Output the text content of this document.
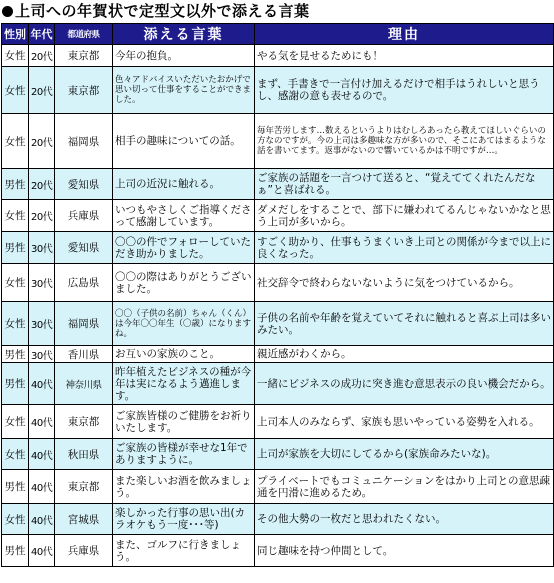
上司への年賀状で定型文以外で添える言葉
性別	年代	都道府県	添える言葉	理由
女性	20代	東京都	今年の抱負。	やる気を見せるためにも！
女性	20代	東京都	色々アドバイスいただいたおかげで思い切って仕事をすることができました。	まず、手書きで一言付け加えるだけで相手はうれしいと思うし、感謝の意も表せるので。
女性	20代	福岡県	相手の趣味についての話。	毎年苦労します…数えるというよりはむしろあったら教えてほしいぐらいの方なのですが。今の上司は多趣味な方が多いので、そこにあてはまるような話を書いてます。返事がないので響いているかは不明ですが…。
男性	20代	愛知県	上司の近況に触れる。	ご家族の話題を一言つけて送ると、“覚えててくれたんだなぁ”と喜ばれる。
女性	20代	兵庫県	いつもやさしくご指導くださって感謝しています。	ダメだしをすることで、部下に嫌われてるんじゃないかなと思う上司が多いから。
男性	30代	愛知県	〇〇の件でフォローしていただき助かりました。	すごく助かり、仕事もうまくいき上司との関係が今まで以上に良くなった。
女性	30代	広島県	〇〇の際はありがとうございました。	社交辞令で終わらないないように気をつけているから。
女性	30代	福岡県	〇〇（子供の名前）ちゃん（くん）は今年〇〇年生（〇歳）になりますね。	子供の名前や年齢を覚えていてそれに触れると喜ぶ上司は多いみたい。
男性	30代	香川県	お互いの家族のこと。	親近感がわくから。
男性	40代	神奈川県	昨年植えたビジネスの種が今年は実になるよう邁進します。	一緒にビジネスの成功に突き進む意思表示の良い機会だから。
女性	40代	東京都	ご家族皆様のご健勝をお祈りいたします。	上司本人のみならず、家族も思いやっている姿勢を入れる。
女性	40代	秋田県	ご家族の皆様が幸せな1年でありますように。	上司が家族を大切にしてるから(家族命みたいな)。
男性	40代	東京都	また楽しいお酒を飲みましょう。	プライベートでもコミュニケーションをはかり上司との意思疎通を円滑に進めるため。
女性	40代	宮城県	楽しかった行事の思い出(カラオケもう一度･･･等)	その他大勢の一枚だと思われたくない。
男性	40代	兵庫県	また、ゴルフに行きましょう。	同じ趣味を持つ仲間として。
